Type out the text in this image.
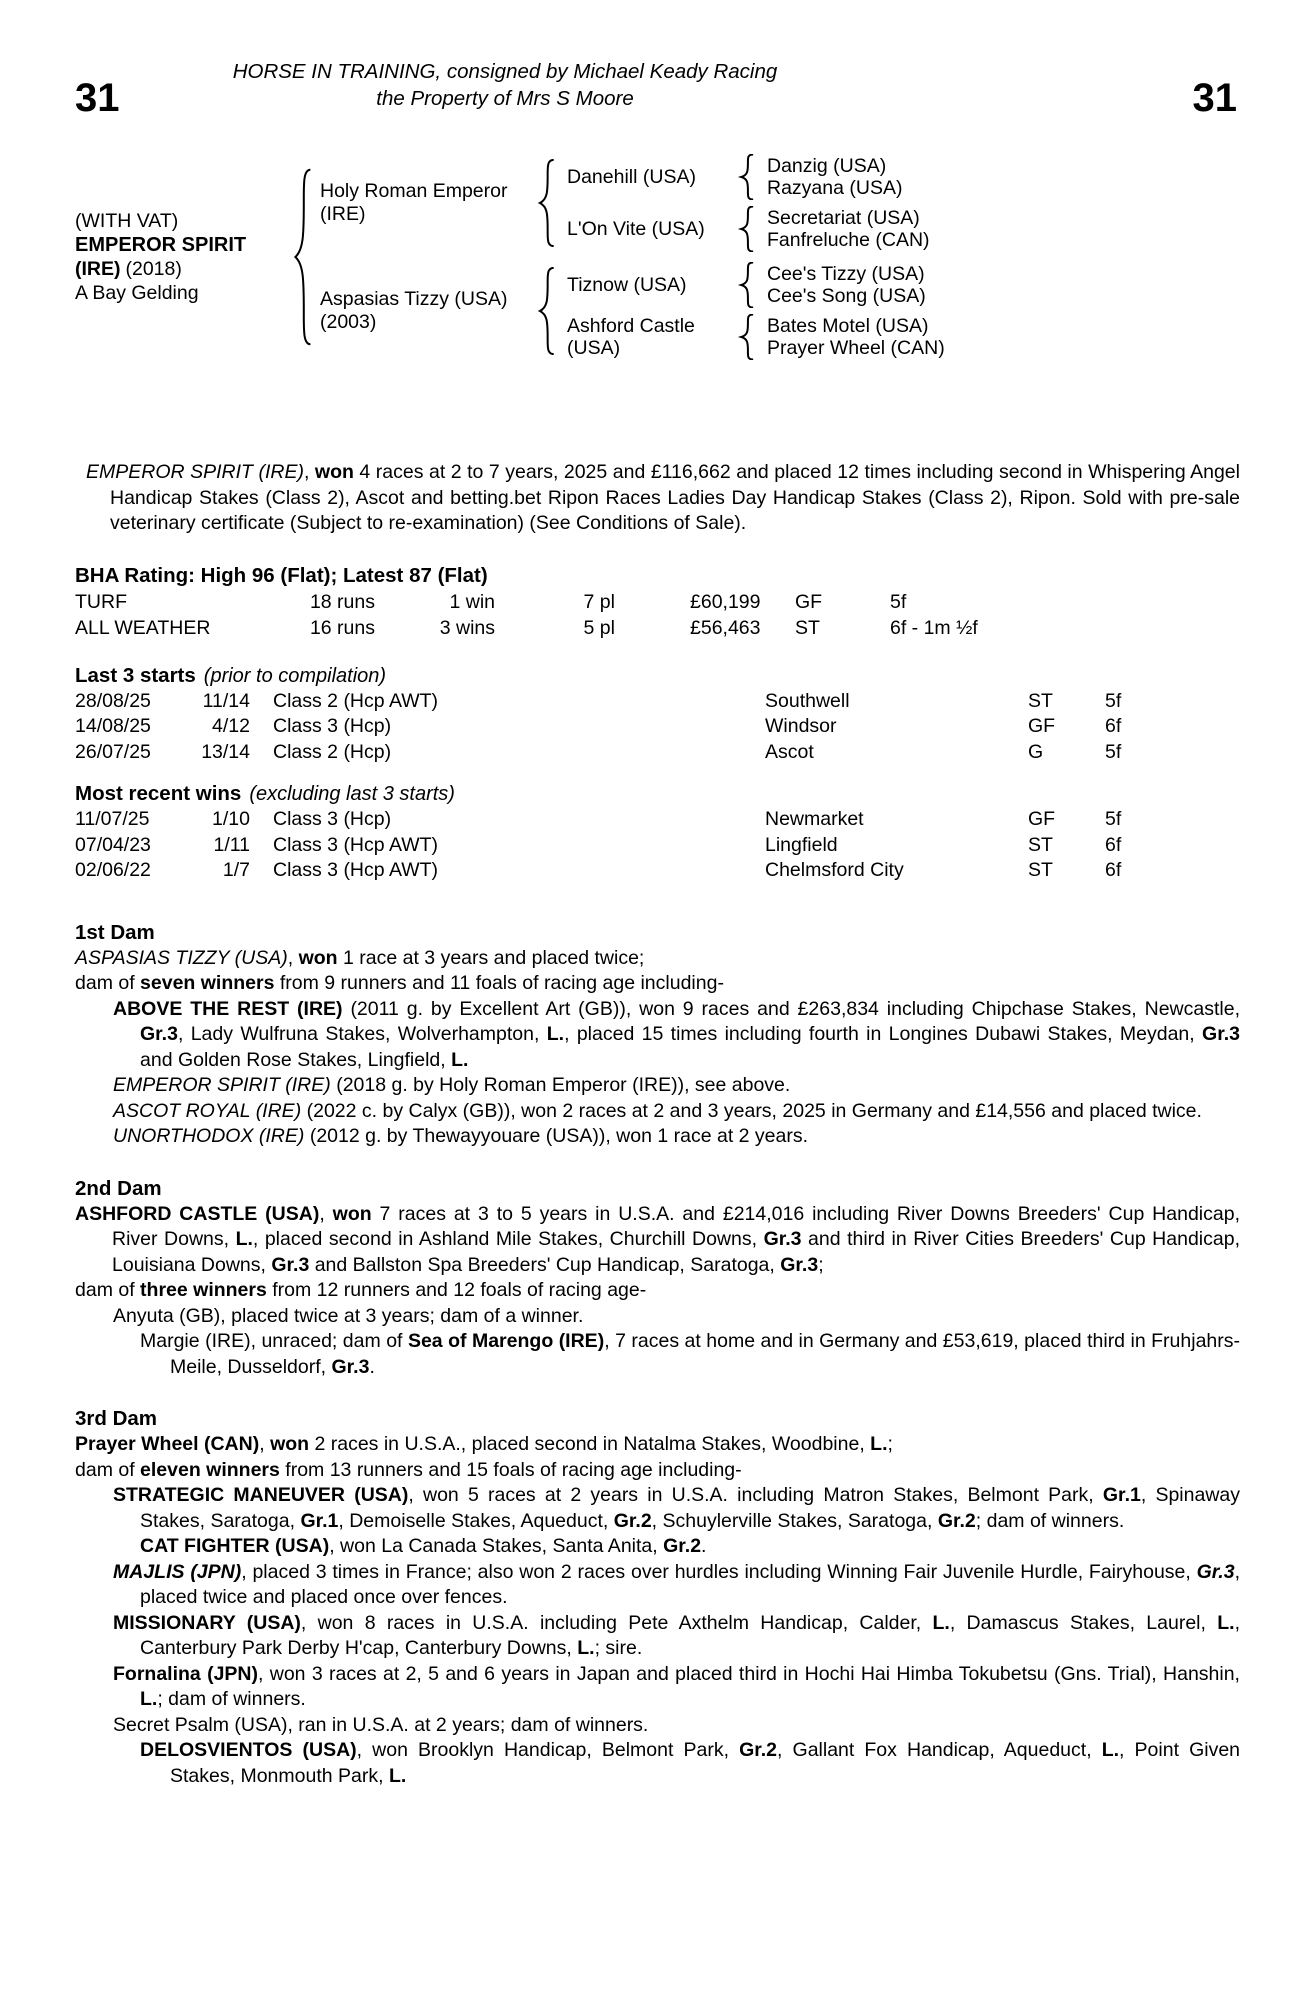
31	31
HORSE IN TRAINING, consigned by Michael Keady Racing
the Property of Mrs S Moore
(WITH VAT)
EMPEROR SPIRIT
(IRE) (2018)
A Bay Gelding
Holy Roman Emperor (IRE)
Danehill (USA)	Danzig (USA)
Razyana (USA)
L'On Vite (USA)	Secretariat (USA)
Fanfreluche (CAN)
Aspasias Tizzy (USA) (2003)
Tiznow (USA)	Cee's Tizzy (USA)
Cee's Song (USA)
Ashford Castle (USA)
Bates Motel (USA)
Prayer Wheel (CAN)

EMPEROR SPIRIT (IRE), won 4 races at 2 to 7 years, 2025 and £116,662 and placed 12 times including second in Whispering Angel Handicap Stakes (Class 2), Ascot and betting.bet Ripon Races Ladies Day Handicap Stakes (Class 2), Ripon. Sold with pre-sale veterinary certificate (Subject to re-examination) (See Conditions of Sale).

BHA Rating: High 96 (Flat); Latest 87 (Flat)
TURF	18 runs	1 win	7 pl	£60,199	GF	5f
ALL WEATHER	16 runs	3 wins	5 pl	£56,463	ST	6f - 1m ½f
Last 3 starts (prior to compilation)
28/08/25	11/14	Class 2 (Hcp AWT)	Southwell	ST	5f
14/08/25	4/12	Class 3 (Hcp)	Windsor	GF	6f
26/07/25	13/14	Class 2 (Hcp)	Ascot	G	5f
Most recent wins (excluding last 3 starts)
11/07/25	1/10	Class 3 (Hcp)	Newmarket	GF	5f
07/04/23	1/11	Class 3 (Hcp AWT)	Lingfield	ST	6f
02/06/22	1/7	Class 3 (Hcp AWT)	Chelmsford City	ST	6f
1st Dam

ASPASIAS TIZZY (USA), won 1 race at 3 years and placed twice;

dam of seven winners from 9 runners and 11 foals of racing age including-

ABOVE THE REST (IRE) (2011 g. by Excellent Art (GB)), won 9 races and £263,834 including Chipchase Stakes, Newcastle, Gr.3, Lady Wulfruna Stakes, Wolverhampton, L., placed 15 times including fourth in Longines Dubawi Stakes, Meydan, Gr.3 and Golden Rose Stakes, Lingfield, L.

EMPEROR SPIRIT (IRE) (2018 g. by Holy Roman Emperor (IRE)), see above.

ASCOT ROYAL (IRE) (2022 c. by Calyx (GB)), won 2 races at 2 and 3 years, 2025 in Germany and £14,556 and placed twice.

UNORTHODOX (IRE) (2012 g. by Thewayyouare (USA)), won 1 race at 2 years.

2nd Dam

ASHFORD CASTLE (USA), won 7 races at 3 to 5 years in U.S.A. and £214,016 including River Downs Breeders' Cup Handicap, River Downs, L., placed second in Ashland Mile Stakes, Churchill Downs, Gr.3 and third in River Cities Breeders' Cup Handicap, Louisiana Downs, Gr.3 and Ballston Spa Breeders' Cup Handicap, Saratoga, Gr.3;

dam of three winners from 12 runners and 12 foals of racing age-

Anyuta (GB), placed twice at 3 years; dam of a winner.

Margie (IRE), unraced; dam of Sea of Marengo (IRE), 7 races at home and in Germany and £53,619, placed third in Fruhjahrs-Meile, Dusseldorf, Gr.3.

3rd Dam

Prayer Wheel (CAN), won 2 races in U.S.A., placed second in Natalma Stakes, Woodbine, L.;

dam of eleven winners from 13 runners and 15 foals of racing age including-

STRATEGIC MANEUVER (USA), won 5 races at 2 years in U.S.A. including Matron Stakes, Belmont Park, Gr.1, Spinaway Stakes, Saratoga, Gr.1, Demoiselle Stakes, Aqueduct, Gr.2, Schuylerville Stakes, Saratoga, Gr.2; dam of winners.

CAT FIGHTER (USA), won La Canada Stakes, Santa Anita, Gr.2.

MAJLIS (JPN), placed 3 times in France; also won 2 races over hurdles including Winning Fair Juvenile Hurdle, Fairyhouse, Gr.3, placed twice and placed once over fences.

MISSIONARY (USA), won 8 races in U.S.A. including Pete Axthelm Handicap, Calder, L., Damascus Stakes, Laurel, L., Canterbury Park Derby H'cap, Canterbury Downs, L.; sire.

Fornalina (JPN), won 3 races at 2, 5 and 6 years in Japan and placed third in Hochi Hai Himba Tokubetsu (Gns. Trial), Hanshin, L.; dam of winners.

Secret Psalm (USA), ran in U.S.A. at 2 years; dam of winners.

DELOSVIENTOS (USA), won Brooklyn Handicap, Belmont Park, Gr.2, Gallant Fox Handicap, Aqueduct, L., Point Given Stakes, Monmouth Park, L.
